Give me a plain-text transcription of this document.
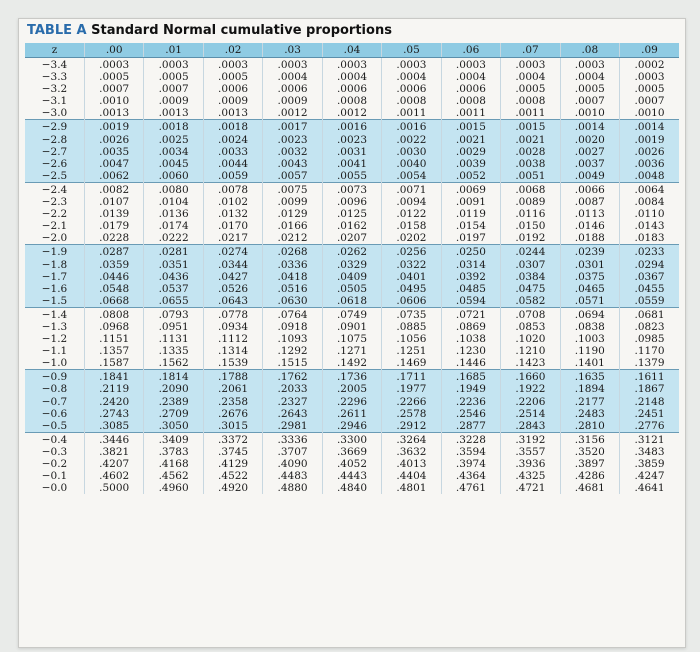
TABLE A Standard Normal cumulative proportions
z	.00	.01	.02	.03	.04	.05	.06	.07	.08	.09
−3.4	.0003	.0003	.0003	.0003	.0003	.0003	.0003	.0003	.0003	.0002
−3.3	.0005	.0005	.0005	.0004	.0004	.0004	.0004	.0004	.0004	.0003
−3.2	.0007	.0007	.0006	.0006	.0006	.0006	.0006	.0005	.0005	.0005
−3.1	.0010	.0009	.0009	.0009	.0008	.0008	.0008	.0008	.0007	.0007
−3.0	.0013	.0013	.0013	.0012	.0012	.0011	.0011	.0011	.0010	.0010
−2.9	.0019	.0018	.0018	.0017	.0016	.0016	.0015	.0015	.0014	.0014
−2.8	.0026	.0025	.0024	.0023	.0023	.0022	.0021	.0021	.0020	.0019
−2.7	.0035	.0034	.0033	.0032	.0031	.0030	.0029	.0028	.0027	.0026
−2.6	.0047	.0045	.0044	.0043	.0041	.0040	.0039	.0038	.0037	.0036
−2.5	.0062	.0060	.0059	.0057	.0055	.0054	.0052	.0051	.0049	.0048
−2.4	.0082	.0080	.0078	.0075	.0073	.0071	.0069	.0068	.0066	.0064
−2.3	.0107	.0104	.0102	.0099	.0096	.0094	.0091	.0089	.0087	.0084
−2.2	.0139	.0136	.0132	.0129	.0125	.0122	.0119	.0116	.0113	.0110
−2.1	.0179	.0174	.0170	.0166	.0162	.0158	.0154	.0150	.0146	.0143
−2.0	.0228	.0222	.0217	.0212	.0207	.0202	.0197	.0192	.0188	.0183
−1.9	.0287	.0281	.0274	.0268	.0262	.0256	.0250	.0244	.0239	.0233
−1.8	.0359	.0351	.0344	.0336	.0329	.0322	.0314	.0307	.0301	.0294
−1.7	.0446	.0436	.0427	.0418	.0409	.0401	.0392	.0384	.0375	.0367
−1.6	.0548	.0537	.0526	.0516	.0505	.0495	.0485	.0475	.0465	.0455
−1.5	.0668	.0655	.0643	.0630	.0618	.0606	.0594	.0582	.0571	.0559
−1.4	.0808	.0793	.0778	.0764	.0749	.0735	.0721	.0708	.0694	.0681
−1.3	.0968	.0951	.0934	.0918	.0901	.0885	.0869	.0853	.0838	.0823
−1.2	.1151	.1131	.1112	.1093	.1075	.1056	.1038	.1020	.1003	.0985
−1.1	.1357	.1335	.1314	.1292	.1271	.1251	.1230	.1210	.1190	.1170
−1.0	.1587	.1562	.1539	.1515	.1492	.1469	.1446	.1423	.1401	.1379
−0.9	.1841	.1814	.1788	.1762	.1736	.1711	.1685	.1660	.1635	.1611
−0.8	.2119	.2090	.2061	.2033	.2005	.1977	.1949	.1922	.1894	.1867
−0.7	.2420	.2389	.2358	.2327	.2296	.2266	.2236	.2206	.2177	.2148
−0.6	.2743	.2709	.2676	.2643	.2611	.2578	.2546	.2514	.2483	.2451
−0.5	.3085	.3050	.3015	.2981	.2946	.2912	.2877	.2843	.2810	.2776
−0.4	.3446	.3409	.3372	.3336	.3300	.3264	.3228	.3192	.3156	.3121
−0.3	.3821	.3783	.3745	.3707	.3669	.3632	.3594	.3557	.3520	.3483
−0.2	.4207	.4168	.4129	.4090	.4052	.4013	.3974	.3936	.3897	.3859
−0.1	.4602	.4562	.4522	.4483	.4443	.4404	.4364	.4325	.4286	.4247
−0.0	.5000	.4960	.4920	.4880	.4840	.4801	.4761	.4721	.4681	.4641
